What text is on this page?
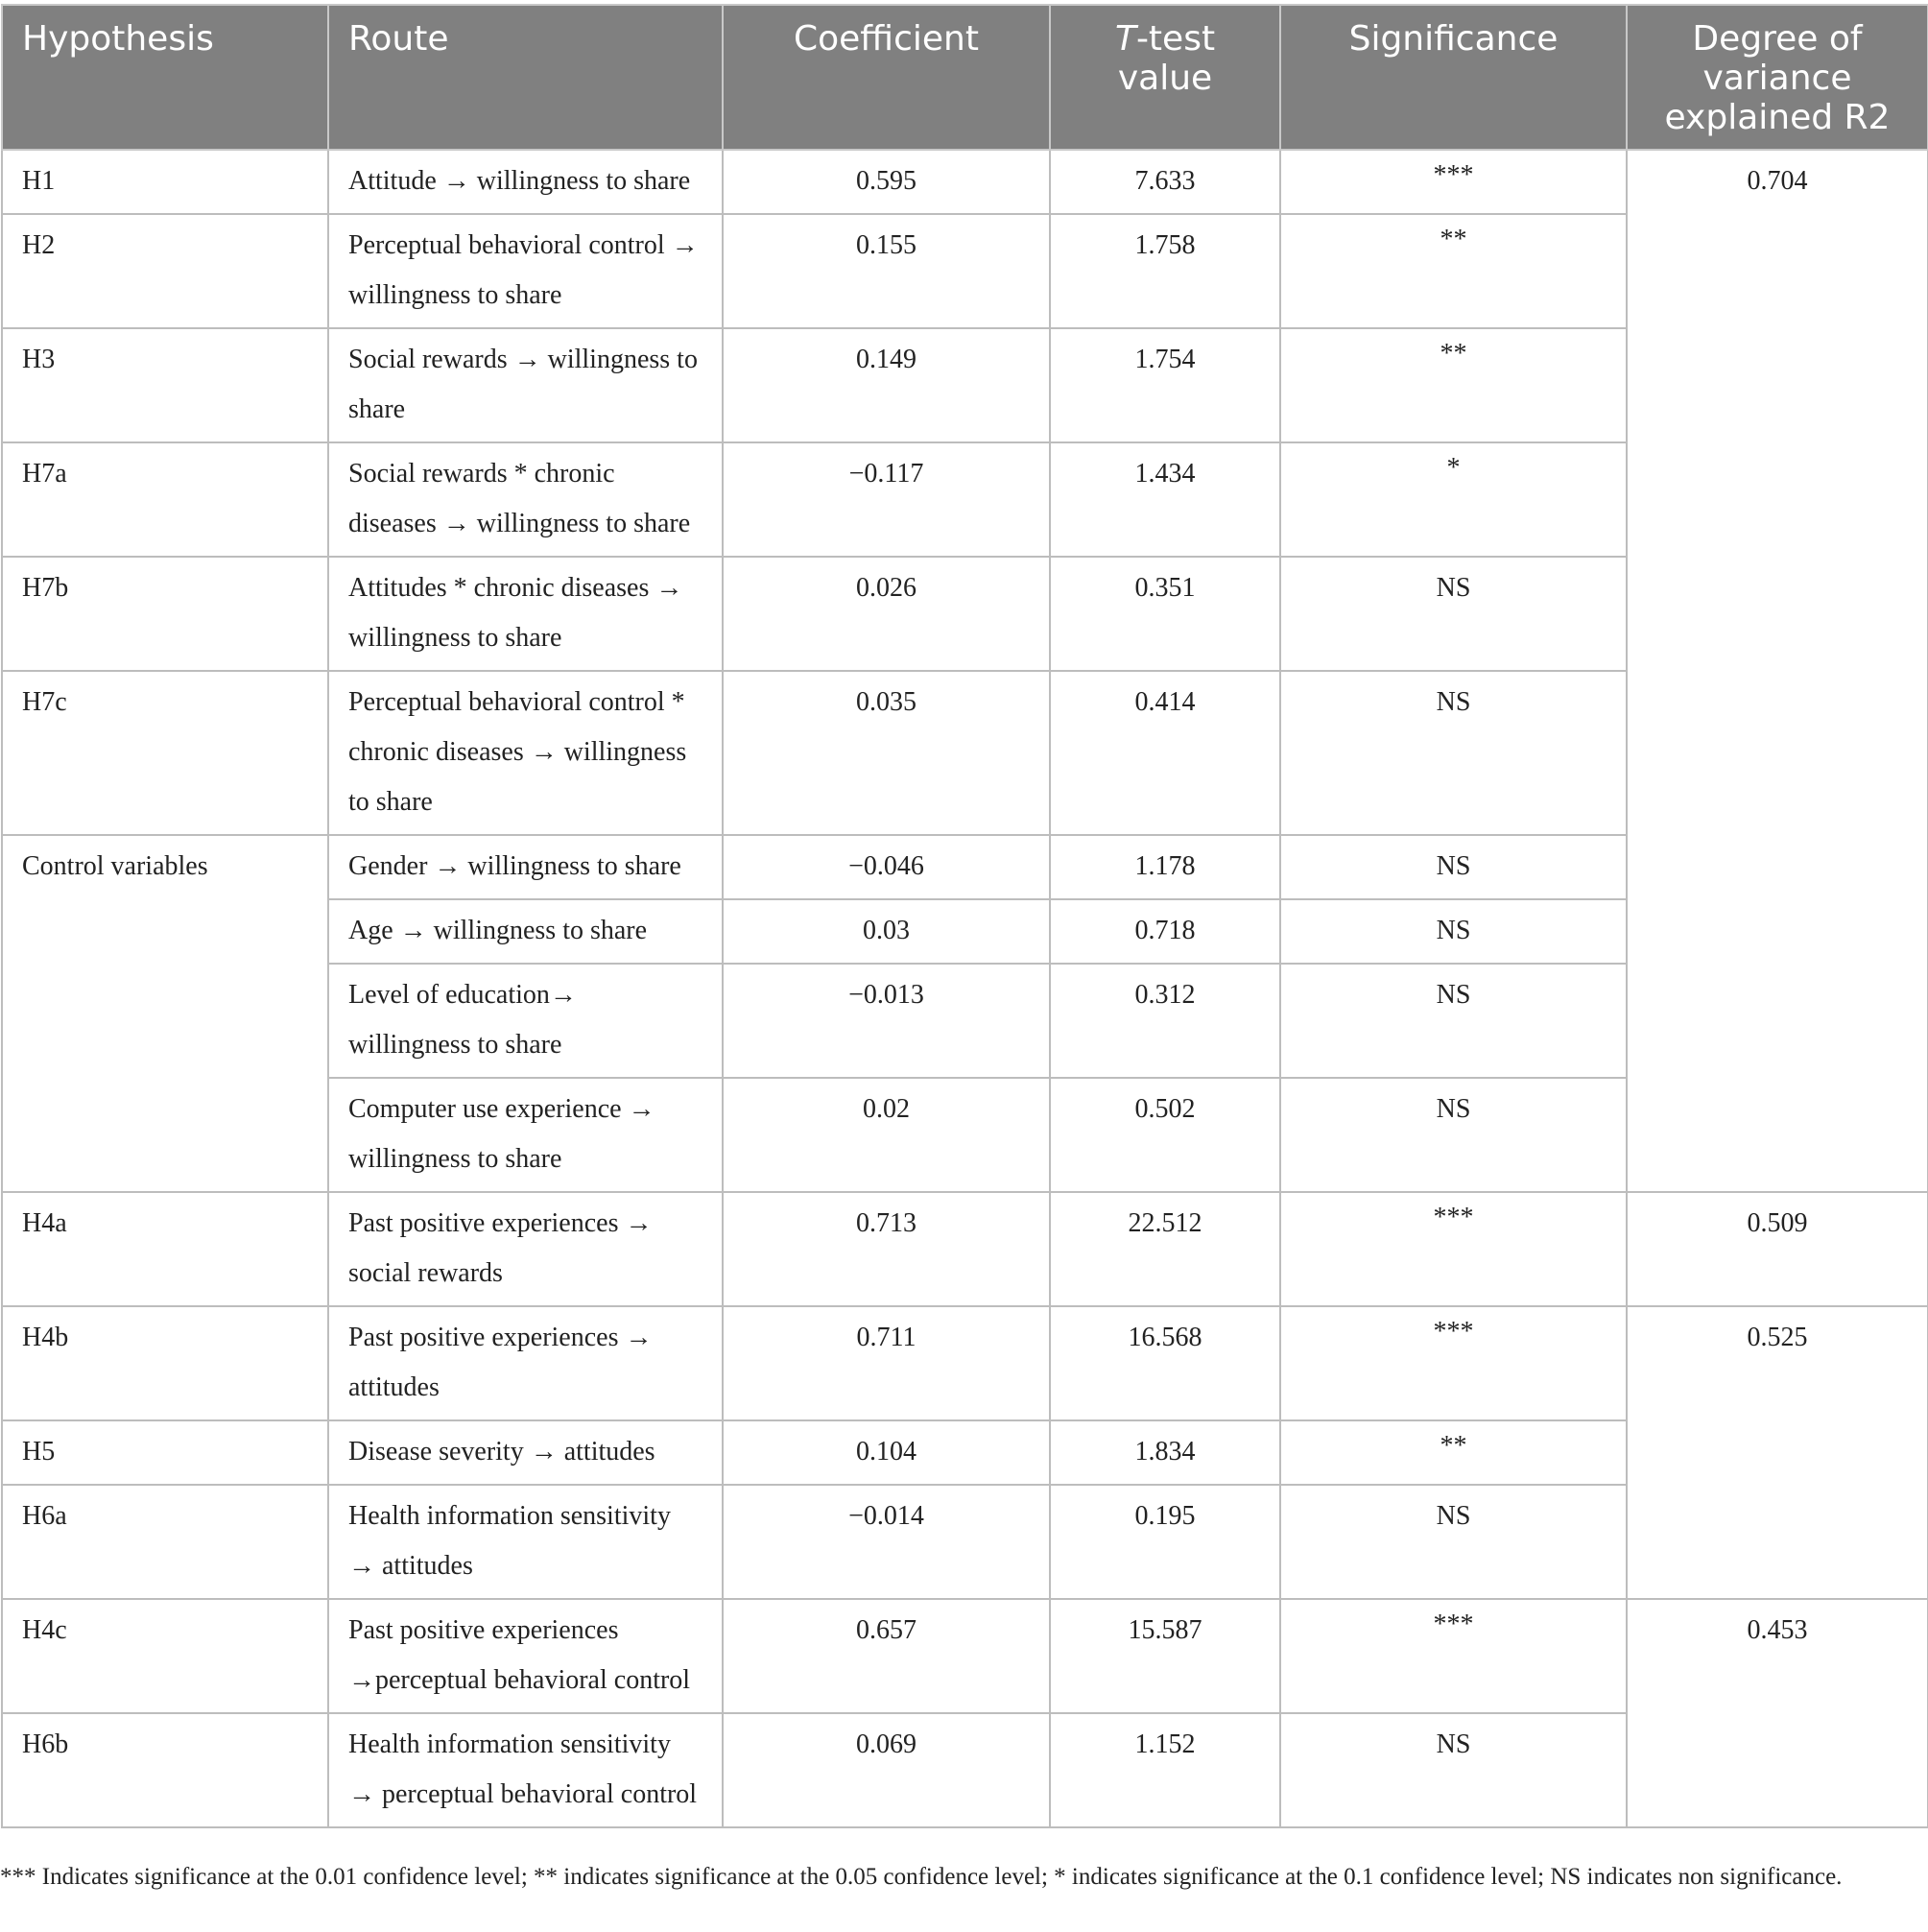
Hypothesis	Route	Coefficient	T-test value	Significance	Degree of variance explained R2
H1	Attitude → willingness to share	0.595	7.633	***	0.704
H2	Perceptual behavioral control → willingness to share	0.155	1.758	**	
H3	Social rewards → willingness to share	0.149	1.754	**	
H7a	Social rewards * chronic diseases → willingness to share	−0.117	1.434	*	
H7b	Attitudes * chronic diseases → willingness to share	0.026	0.351	NS	
H7c	Perceptual behavioral control * chronic diseases → willingness to share	0.035	0.414	NS	
Control variables	Gender → willingness to share	−0.046	1.178	NS	
	Age → willingness to share	0.03	0.718	NS	
	Level of education→ willingness to share	−0.013	0.312	NS	
	Computer use experience → willingness to share	0.02	0.502	NS	
H4a	Past positive experiences → social rewards	0.713	22.512	***	0.509
H4b	Past positive experiences → attitudes	0.711	16.568	***	0.525
H5	Disease severity → attitudes	0.104	1.834	**	
H6a	Health information sensitivity → attitudes	−0.014	0.195	NS	
H4c	Past positive experiences →perceptual behavioral control	0.657	15.587	***	0.453
H6b	Health information sensitivity → perceptual behavioral control	0.069	1.152	NS	
*** Indicates significance at the 0.01 confidence level; ** indicates significance at the 0.05 confidence level; * indicates significance at the 0.1 confidence level; NS indicates non significance.
